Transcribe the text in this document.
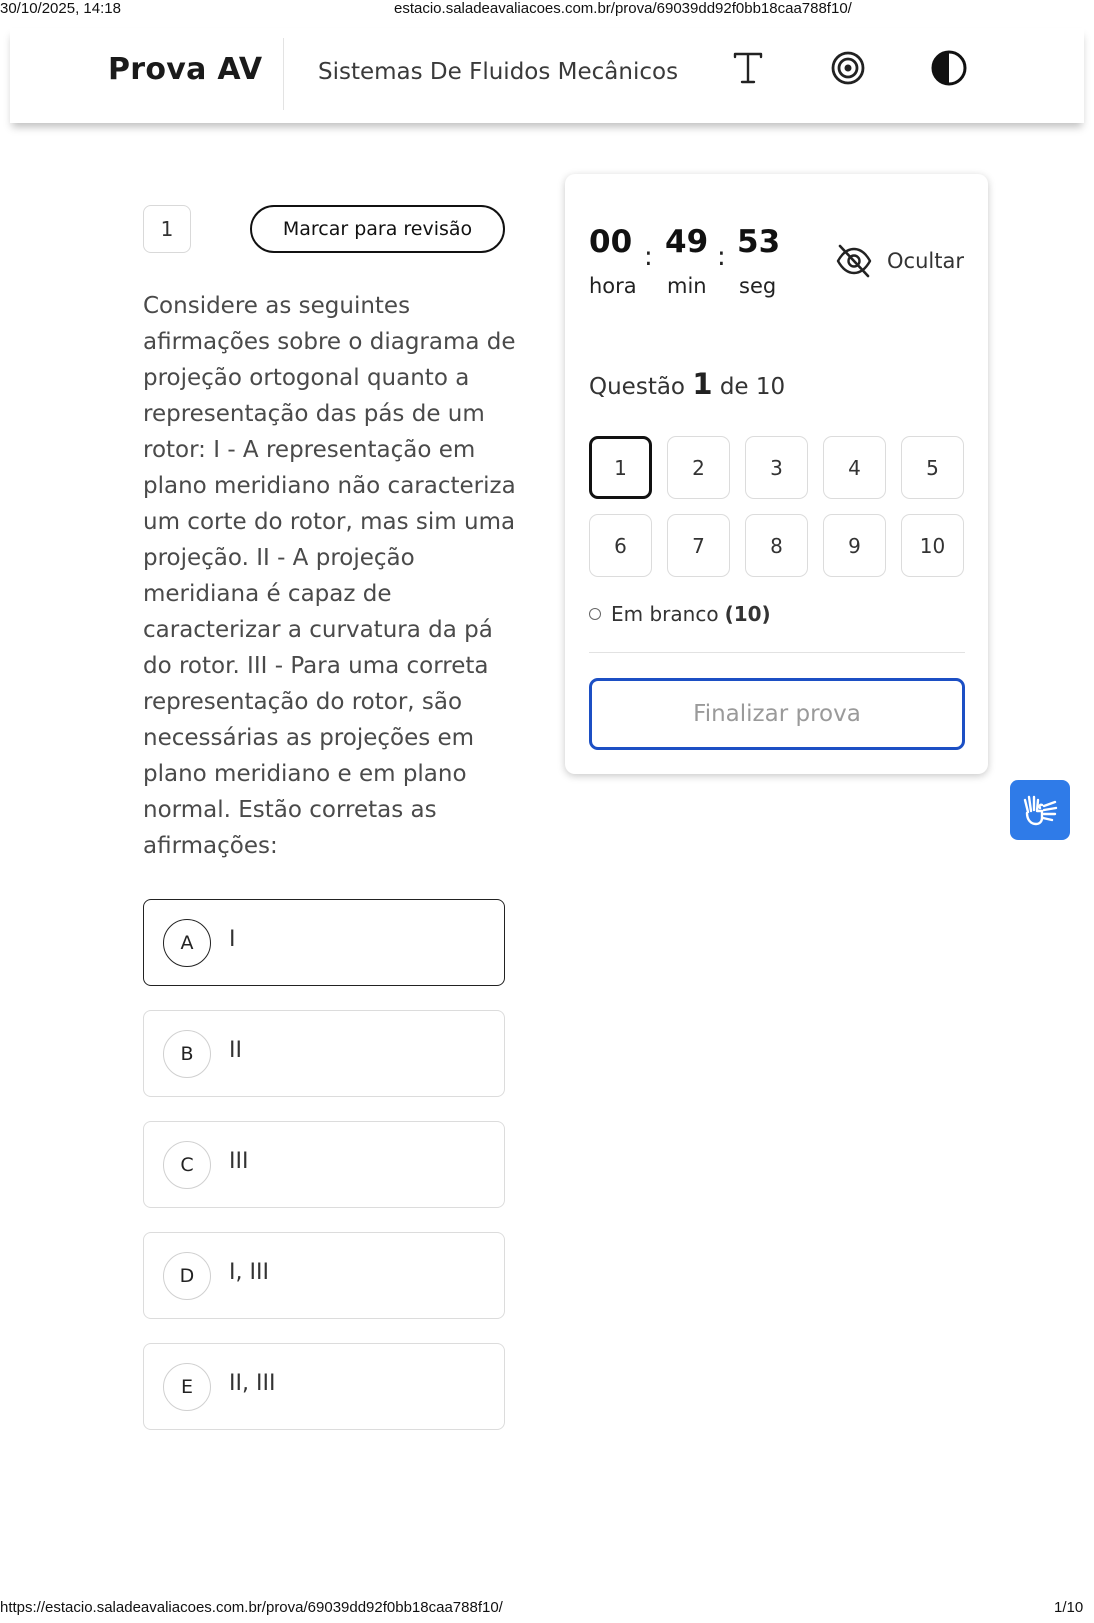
30/10/2025, 14:18	estacio.saladeavaliacoes.com.br/prova/69039dd92f0bb18caa788f10/
Prova AV Sistemas De Fluidos Mecânicos
1	Marcar para revisão
Considere as seguintes afirmações sobre o diagrama de projeção ortogonal quanto a representação das pás de um rotor: I - A representação em plano meridiano não caracteriza um corte do rotor, mas sim uma projeção. II - A projeção meridiana é capaz de caracterizar a curvatura da pá do rotor. III - Para uma correta representação do rotor, são necessárias as projeções em plano meridiano e em plano normal. Estão corretas as afirmações:
A	I
B	II
C	III
D	I, III
E	II, III
00 : 49 : 53
hora min seg
Ocultar
Questão 1 de 10
1	2	3	4	5
6	7	8	9	10
Em branco (10)
Finalizar prova
https://estacio.saladeavaliacoes.com.br/prova/69039dd92f0bb18caa788f10/	1/10
